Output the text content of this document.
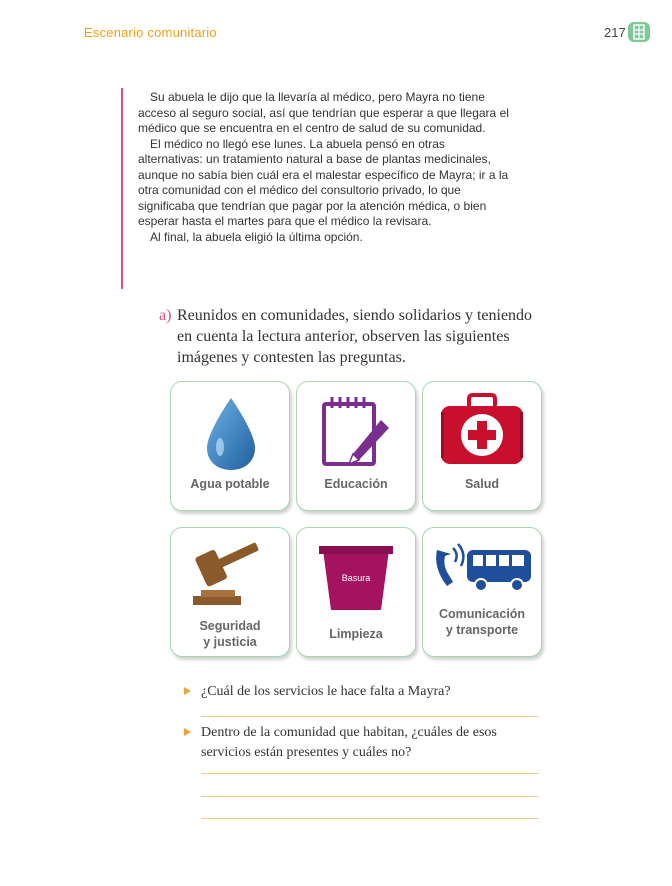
Escenario comunitario	217

Su abuela le dijo que la llevaría al médico, pero Mayra no tiene acceso al seguro social, así que tendrían que esperar a que llegara el médico que se encuentra en el centro de salud de su comunidad.

El médico no llegó ese lunes. La abuela pensó en otras alternativas: un tratamiento natural a base de plantas medicinales, aunque no sabía bien cuál era el malestar específico de Mayra; ir a la otra comunidad con el médico del consultorio privado, lo que significaba que tendrían que pagar por la atención médica, o bien esperar hasta el martes para que el médico la revisara.

Al final, la abuela eligió la última opción.

a) Reunidos en comunidades, siendo solidarios y teniendo en cuenta la lectura anterior, observen las siguientes imágenes y contesten las preguntas.
Agua potable	Educación	Salud
Seguridad
y justicia
Basura
Limpieza
Comunicación
y transporte
¿Cuál de los servicios le hace falta a Mayra?
Dentro de la comunidad que habitan, ¿cuáles de esos servicios están presentes y cuáles no?
